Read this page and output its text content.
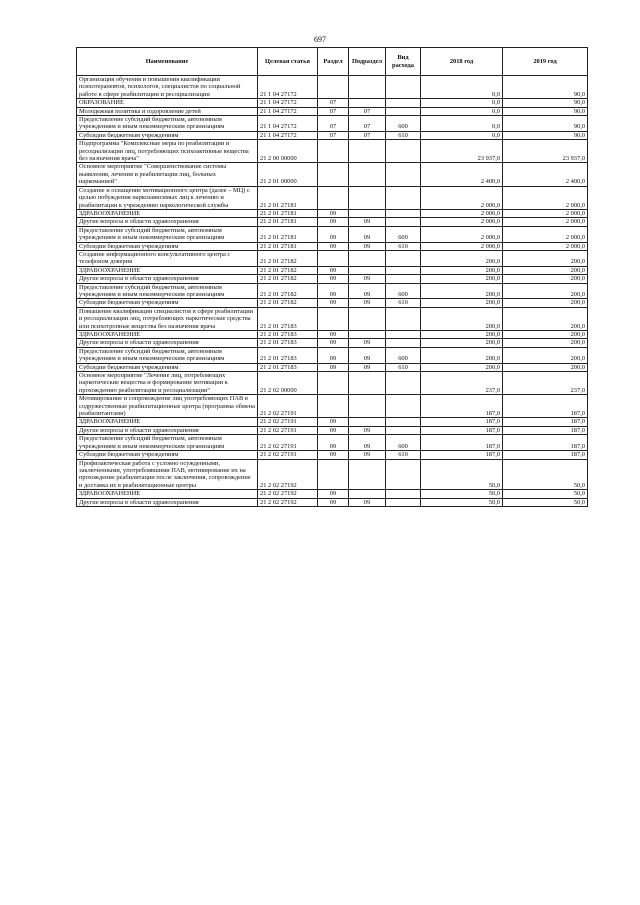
697
Наименование	Целевая статья	Раздел	Подраздел	Вид расхода	2018 год	2019 год
Организация обучения и повышения квалификации психотерапевтов, психологов, специалистов по социальной работе в сфере реабилитации и ресоциализации	21 1 04 27172				0,0	90,0
ОБРАЗОВАНИЕ	21 1 04 27172	07			0,0	90,0
Молодежная политика и оздоровление детей	21 1 04 27172	07	07		0,0	90,0
Предоставление субсидий бюджетным, автономным учреждениям и иным некоммерческим организациям	21 1 04 27172	07	07	600	0,0	90,0
Субсидии бюджетным учреждениям	21 1 04 27172	07	07	610	0,0	90,0
Подпрограмма "Комплексные меры по реабилитации и ресоциализации лиц, потребляющих психоактивные вещества без назначения врача"	21 2 00 00000				23 937,0	23 937,0
Основное мероприятие "Совершенствование системы выявления, лечения и реабилитации лиц, больных наркоманией"	21 2 01 00000				2 400,0	2 400,0
Создание и оснащение мотивационного центра (далее – МЦ) с целью побуждения наркозависимых лиц к лечению и реабилитации к учреждению наркологической службы	21 2 01 27181				2 000,0	2 000,0
ЗДРАВООХРАНЕНИЕ	21 2 01 27181	09			2 000,0	2 000,0
Другие вопросы в области здравоохранения	21 2 01 27181	09	09		2 000,0	2 000,0
Предоставление субсидий бюджетным, автономным учреждениям и иным некоммерческим организациям	21 2 01 27181	09	09	600	2 000,0	2 000,0
Субсидии бюджетным учреждениям	21 2 01 27181	09	09	610	2 000,0	2 000,0
Создание информационного консультативного центра с телефоном доверия	21 2 01 27182				200,0	200,0
ЗДРАВООХРАНЕНИЕ	21 2 01 27182	09			200,0	200,0
Другие вопросы в области здравоохранения	21 2 01 27182	09	09		200,0	200,0
Предоставление субсидий бюджетным, автономным учреждениям и иным некоммерческим организациям	21 2 01 27182	09	09	600	200,0	200,0
Субсидии бюджетным учреждениям	21 2 01 27182	09	09	610	200,0	200,0
Повышение квалификации специалистов в сфере реабилитации и ресоциализации лиц, потребляющих наркотические средства или психотропные вещества без назначения врача	21 2 01 27183				200,0	200,0
ЗДРАВООХРАНЕНИЕ	21 2 01 27183	09			200,0	200,0
Другие вопросы в области здравоохранения	21 2 01 27183	09	09		200,0	200,0
Предоставление субсидий бюджетным, автономным учреждениям и иным некоммерческим организациям	21 2 01 27183	09	09	600	200,0	200,0
Субсидии бюджетным учреждениям	21 2 01 27183	09	09	610	200,0	200,0
Основное мероприятие "Лечение лиц, потребляющих наркотические вещества и формирование мотивации к прохождению реабилитации и ресоциализации"	21 2 02 00000				237,0	237,0
Мотивирование и сопровождение лиц употребляющих ПАВ в содружественные реабилитационные центра (программа обмена реабилитантами)	21 2 02 27191				187,0	187,0
ЗДРАВООХРАНЕНИЕ	21 2 02 27191	09			187,0	187,0
Другие вопросы в области здравоохранения	21 2 02 27191	09	09		187,0	187,0
Предоставление субсидий бюджетным, автономным учреждениям и иным некоммерческим организациям	21 2 02 27191	09	09	600	187,0	187,0
Субсидии бюджетным учреждениям	21 2 02 27191	09	09	610	187,0	187,0
Профилактическая работа с условно осужденными, заключенными, употреблявшими ПАВ, мотивирование их на прохождение реабилитации после заключения, сопровождение и доставка их в реабилитационные центры	21 2 02 27192				50,0	50,0
ЗДРАВООХРАНЕНИЕ	21 2 02 27192	09			50,0	50,0
Другие вопросы в области здравоохранения	21 2 02 27192	09	09		50,0	50,0
